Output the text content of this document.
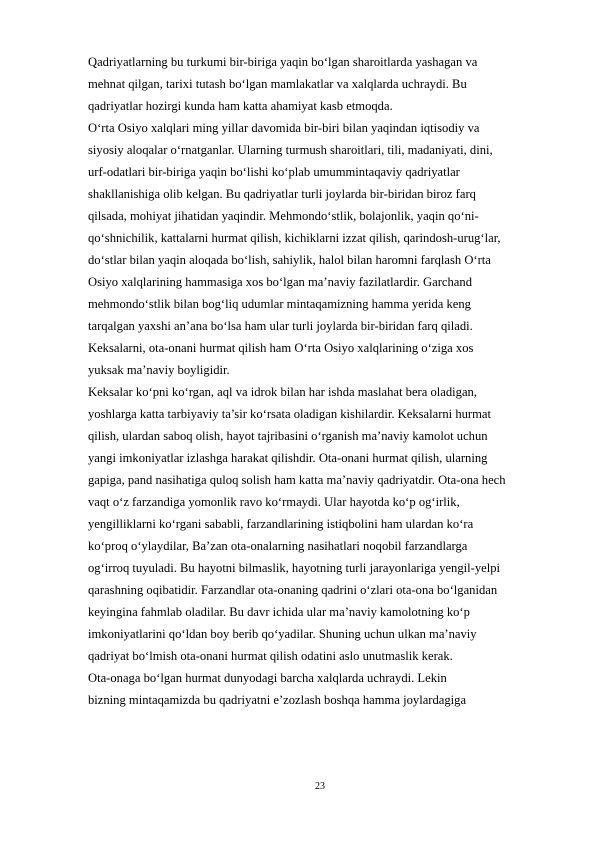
Qadriyatlarning bu turkumi bir-biriga yaqin bo‘lgan sharoitlarda yashagan va
mehnat qilgan, tarixi tutash bo‘lgan mamlakatlar va xalqlarda uchraydi. Bu
qadriyatlar hozirgi kunda ham katta ahamiyat kasb etmoqda.
O‘rta Osiyo xalqlari ming yillar davomida bir-biri bilan yaqindan iqtisodiy va
siyosiy aloqalar o‘rnatganlar. Ularning turmush sharoitlari, tili, madaniyati, dini,
urf-odatlari bir-biriga yaqin bo‘lishi ko‘plab umummintaqaviy qadriyatlar
shakllanishiga olib kelgan. Bu qadriyatlar turli joylarda bir-biridan biroz farq
qilsada, mohiyat jihatidan yaqindir. Mehmondo‘stlik, bolajonlik, yaqin qo‘ni-
qo‘shnichilik, kattalarni hurmat qilish, kichiklarni izzat qilish, qarindosh-urug‘lar,
do‘stlar bilan yaqin aloqada bo‘lish, sahiylik, halol bilan haromni farqlash O‘rta
Osiyo xalqlarining hammasiga xos bo‘lgan ma’naviy fazilatlardir. Garchand
mehmondo‘stlik bilan bog‘liq udumlar mintaqamizning hamma yerida keng
tarqalgan yaxshi an’ana bo‘lsa ham ular turli joylarda bir-biridan farq qiladi.
Keksalarni, ota-onani hurmat qilish ham O‘rta Osiyo xalqlarining o‘ziga xos
yuksak ma’naviy boyligidir.
Keksalar ko‘pni ko‘rgan, aql va idrok bilan har ishda maslahat bera oladigan,
yoshlarga katta tarbiyaviy ta’sir ko‘rsata oladigan kishilardir. Keksalarni hurmat
qilish, ulardan saboq olish, hayot tajribasini o‘rganish ma’naviy kamolot uchun
yangi imkoniyatlar izlashga harakat qilishdir. Ota-onani hurmat qilish, ularning
gapiga, pand nasihatiga quloq solish ham katta ma’naviy qadriyatdir. Ota-ona hech
vaqt o‘z farzandiga yomonlik ravo ko‘rmaydi. Ular hayotda ko‘p og‘irlik,
yengilliklarni ko‘rgani sababli, farzandlarining istiqbolini ham ulardan ko‘ra
ko‘proq o‘ylaydilar, Ba’zan ota-onalarning nasihatlari noqobil farzandlarga
og‘irroq tuyuladi. Bu hayotni bilmaslik, hayotning turli jarayonlariga yengil-yelpi
qarashning oqibatidir. Farzandlar ota-onaning qadrini o‘zlari ota-ona bo‘lganidan
keyingina fahmlab oladilar. Bu davr ichida ular ma’naviy kamolotning ko‘p
imkoniyatlarini qo‘ldan boy berib qo‘yadilar. Shuning uchun ulkan ma’naviy
qadriyat bo‘lmish ota-onani hurmat qilish odatini aslo unutmaslik kerak.
Ota-onaga bo‘lgan hurmat dunyodagi barcha xalqlarda uchraydi. Lekin
bizning mintaqamizda bu qadriyatni e’zozlash boshqa hamma joylardagiga
23
